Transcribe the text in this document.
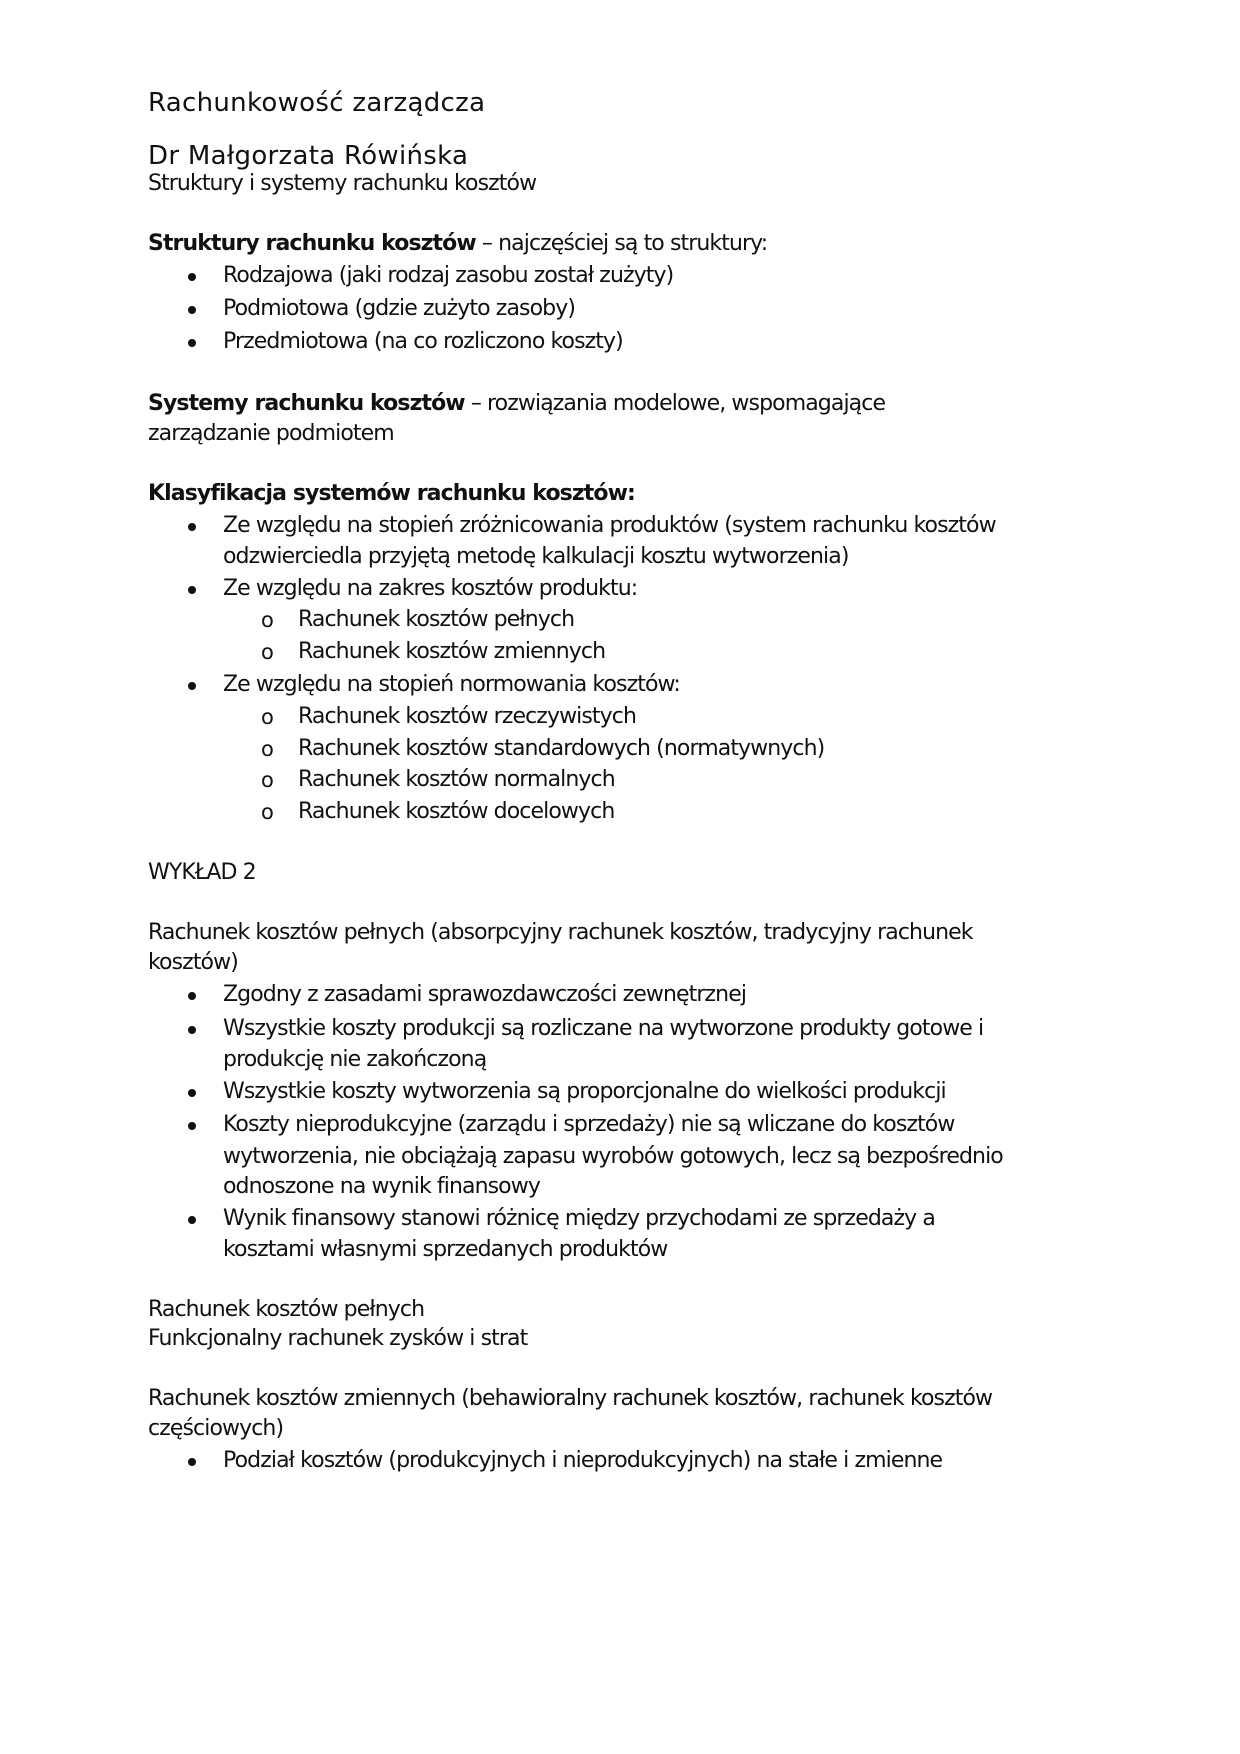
Rachunkowość zarządcza
Dr Małgorzata Rówińska
Struktury i systemy rachunku kosztów
Struktury rachunku kosztów – najczęściej są to struktury:
Rodzajowa (jaki rodzaj zasobu został zużyty)
Podmiotowa (gdzie zużyto zasoby)
Przedmiotowa (na co rozliczono koszty)
Systemy rachunku kosztów – rozwiązania modelowe, wspomagające
zarządzanie podmiotem
Klasyfikacja systemów rachunku kosztów:
Ze względu na stopień zróżnicowania produktów (system rachunku kosztów
odzwierciedla przyjętą metodę kalkulacji kosztu wytworzenia)
Ze względu na zakres kosztów produktu:
o Rachunek kosztów pełnych
o Rachunek kosztów zmiennych
Ze względu na stopień normowania kosztów:
o Rachunek kosztów rzeczywistych
o Rachunek kosztów standardowych (normatywnych)
o Rachunek kosztów normalnych
o Rachunek kosztów docelowych
WYKŁAD 2
Rachunek kosztów pełnych (absorpcyjny rachunek kosztów, tradycyjny rachunek
kosztów)
Zgodny z zasadami sprawozdawczości zewnętrznej
Wszystkie koszty produkcji są rozliczane na wytworzone produkty gotowe i
produkcję nie zakończoną
Wszystkie koszty wytworzenia są proporcjonalne do wielkości produkcji
Koszty nieprodukcyjne (zarządu i sprzedaży) nie są wliczane do kosztów
wytworzenia, nie obciążają zapasu wyrobów gotowych, lecz są bezpośrednio
odnoszone na wynik finansowy
Wynik finansowy stanowi różnicę między przychodami ze sprzedaży a
kosztami własnymi sprzedanych produktów
Rachunek kosztów pełnych
Funkcjonalny rachunek zysków i strat
Rachunek kosztów zmiennych (behawioralny rachunek kosztów, rachunek kosztów
częściowych)
Podział kosztów (produkcyjnych i nieprodukcyjnych) na stałe i zmienne
